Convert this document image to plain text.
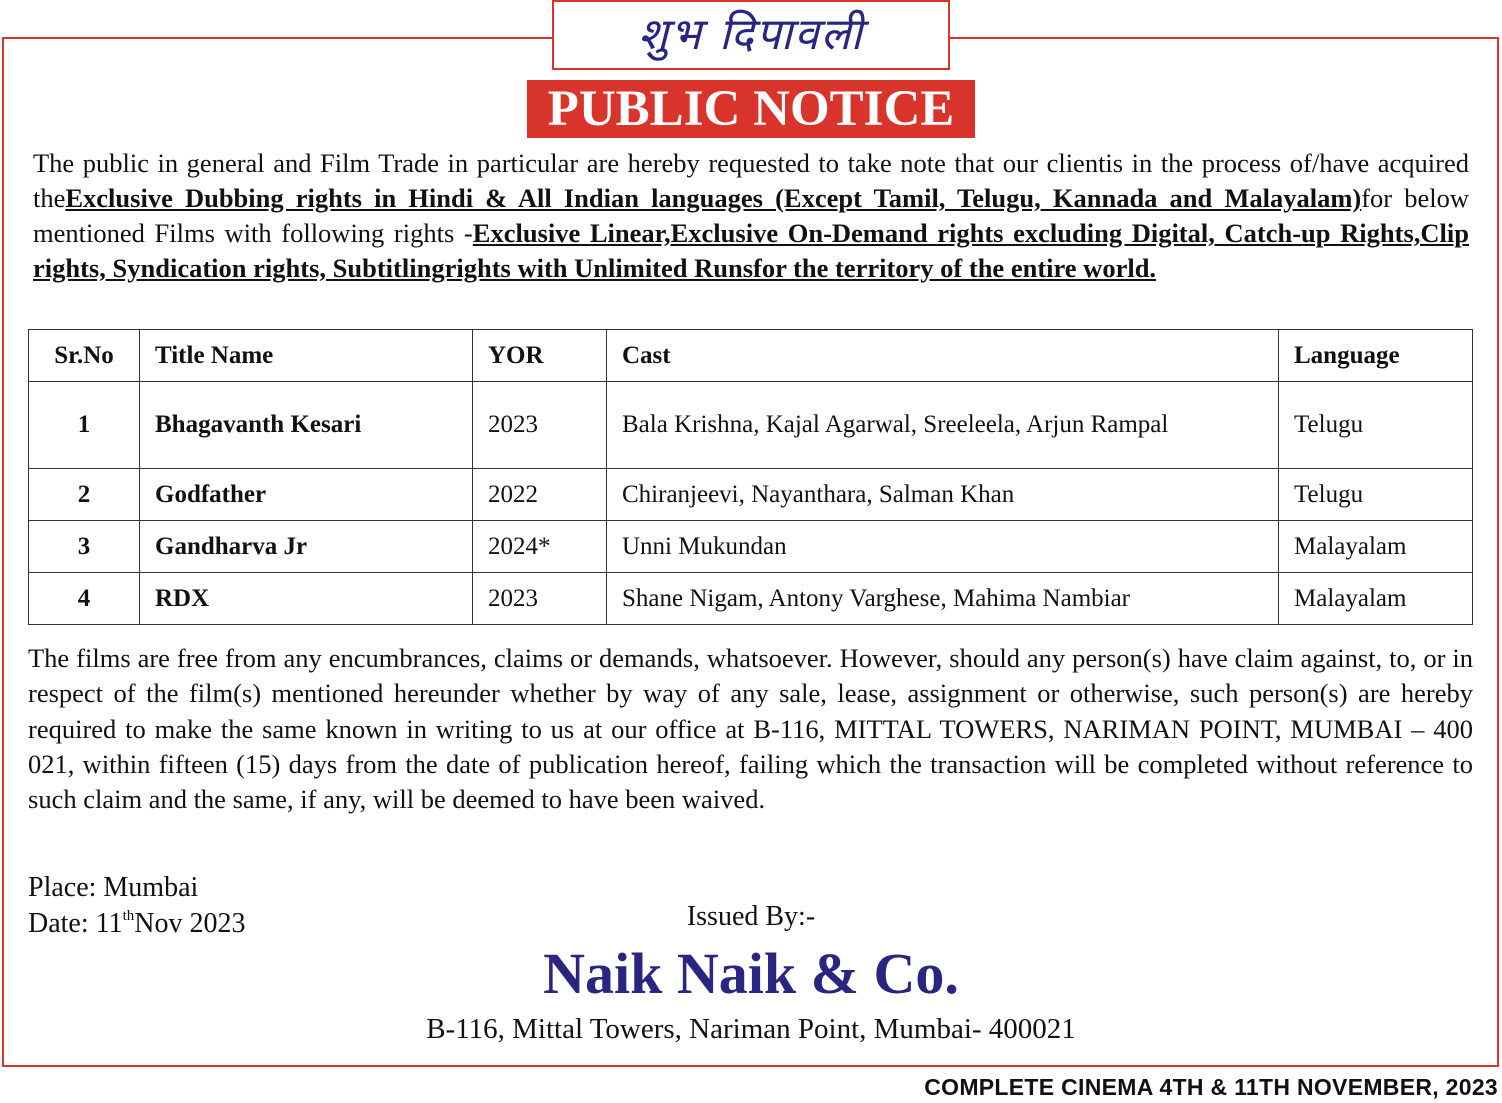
शुभ दिपावली
PUBLIC NOTICE

The public in general and Film Trade in particular are hereby requested to take note that our clientis in the process of/have acquired theExclusive Dubbing rights in Hindi & All Indian languages (Except Tamil, Telugu, Kannada and Malayalam)for below mentioned Films with following rights -Exclusive Linear,Exclusive On-Demand rights excluding Digital, Catch-up Rights,Clip rights, Syndication rights, Subtitlingrights with Unlimited Runsfor the territory of the entire world.

Sr.No	Title Name	YOR	Cast	Language
1	Bhagavanth Kesari	2023	Bala Krishna, Kajal Agarwal, Sreeleela, Arjun Rampal	Telugu
2	Godfather	2022	Chiranjeevi, Nayanthara, Salman Khan	Telugu
3	Gandharva Jr	2024*	Unni Mukundan	Malayalam
4	RDX	2023	Shane Nigam, Antony Varghese, Mahima Nambiar	Malayalam

The films are free from any encumbrances, claims or demands, whatsoever. However, should any person(s) have claim against, to, or in respect of the film(s) mentioned hereunder whether by way of any sale, lease, assignment or otherwise, such person(s) are hereby required to make the same known in writing to us at our office at B-116, MITTAL TOWERS, NARIMAN POINT, MUMBAI – 400 021, within fifteen (15) days from the date of publication hereof, failing which the transaction will be completed without reference to such claim and the same, if any, will be deemed to have been waived.

Place: Mumbai
Date: 11thNov 2023	Issued By:-
Naik Naik & Co.
B-116, Mittal Towers, Nariman Point, Mumbai- 400021
COMPLETE CINEMA 4TH & 11TH NOVEMBER, 2023
